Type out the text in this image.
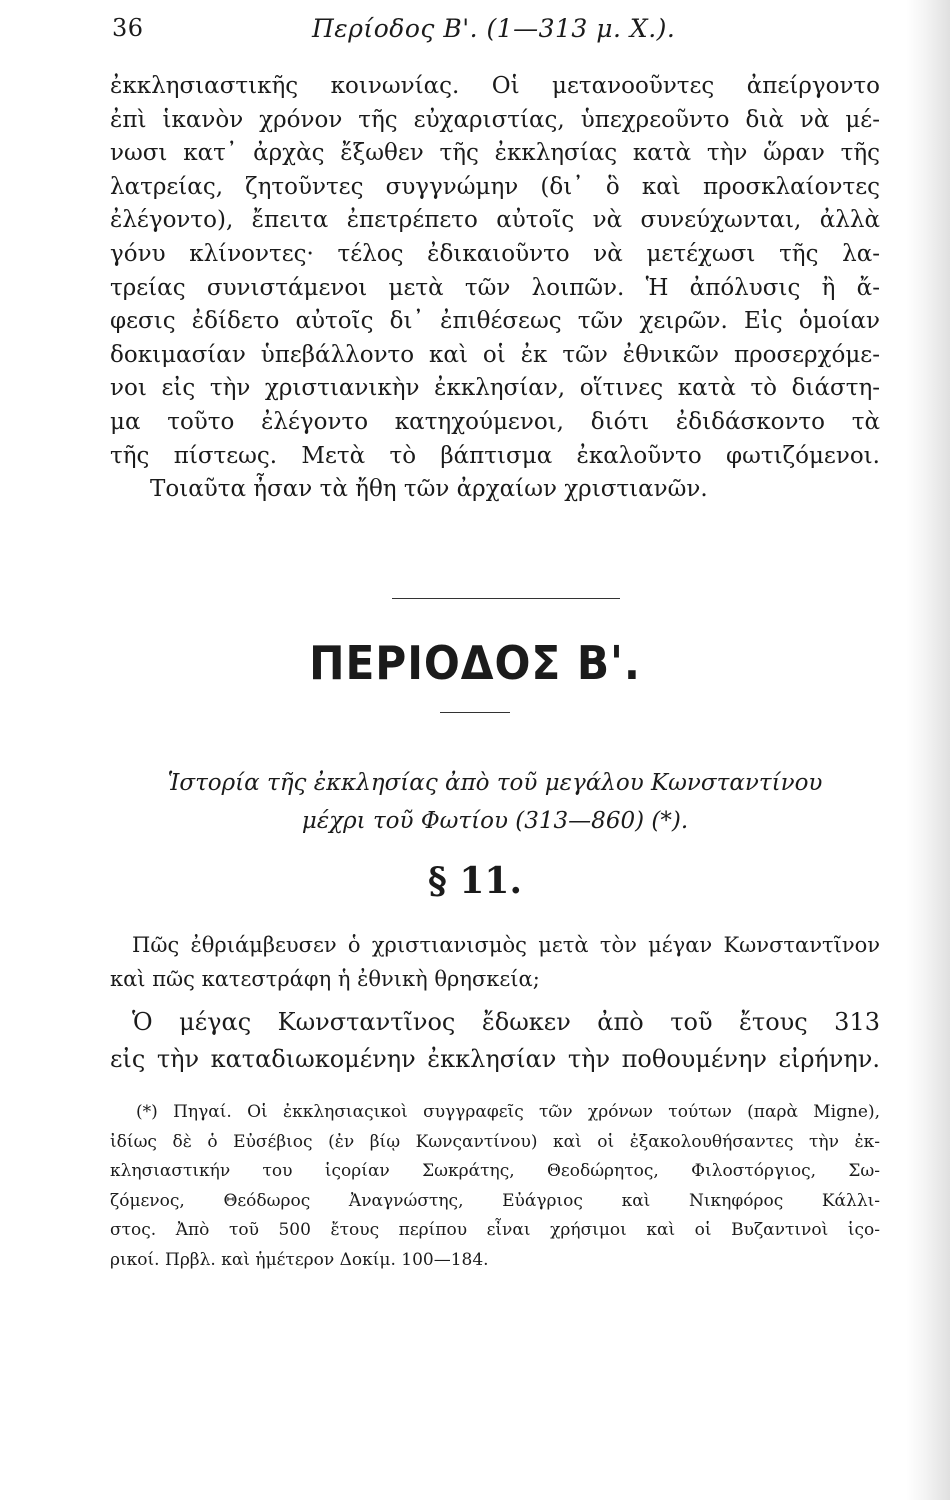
36	Περίοδος Β'. (1—313 μ. Χ.).
ἐκκλησιαστικῆς κοινωνίας. Οἱ μετανοοῦντες ἀπείργοντο
ἐπὶ ἱκανὸν χρόνον τῆς εὐχαριστίας, ὑπεχρεοῦντο διὰ νὰ μέ-
νωσι κατ᾽ ἀρχὰς ἔξωθεν τῆς ἐκκλησίας κατὰ τὴν ὥραν τῆς
λατρείας, ζητοῦντες συγγνώμην (δι᾽ ὃ καὶ προσκλαίοντες
ἐλέγοντο), ἔπειτα ἐπετρέπετο αὐτοῖς νὰ συνεύχωνται, ἀλλὰ
γόνυ κλίνοντες· τέλος ἐδικαιοῦντο νὰ μετέχωσι τῆς λα-
τρείας συνιστάμενοι μετὰ τῶν λοιπῶν. Ἡ ἀπόλυσις ἢ ἄ-
φεσις ἐδίδετο αὐτοῖς δι᾽ ἐπιθέσεως τῶν χειρῶν. Εἰς ὁμοίαν
δοκιμασίαν ὑπεβάλλοντο καὶ οἱ ἐκ τῶν ἐθνικῶν προσερχόμε-
νοι εἰς τὴν χριστιανικὴν ἐκκλησίαν, οἵτινες κατὰ τὸ διάστη-
μα τοῦτο ἐλέγοντο κατηχούμενοι, διότι ἐδιδάσκοντο τὰ
τῆς πίστεως. Μετὰ τὸ βάπτισμα ἐκαλοῦντο φωτιζόμενοι.
Τοιαῦτα ἦσαν τὰ ἤθη τῶν ἀρχαίων χριστιανῶν.
ΠΕΡΙΟΔΟΣ Β'.
Ἱστορία τῆς ἐκκλησίας ἀπὸ τοῦ μεγάλου Κωνσταντίνου
μέχρι τοῦ Φωτίου (313—860) (*).
§ 11.
Πῶς ἐθριάμβευσεν ὁ χριστιανισμὸς μετὰ τὸν μέγαν Κωνσταντῖνον
καὶ πῶς κατεστράφη ἡ ἐθνικὴ θρησκεία;
Ὁ μέγας Κωνσταντῖνος ἔδωκεν ἀπὸ τοῦ ἔτους 313
εἰς τὴν καταδιωκομένην ἐκκλησίαν τὴν ποθουμένην εἰρήνην.
(*) Πηγαί. Οἱ ἐκκλησιαςικοὶ συγγραφεῖς τῶν χρόνων τούτων (παρὰ Migne),
ἰδίως δὲ ὁ Εὐσέβιος (ἐν βίῳ Κωνςαντίνου) καὶ οἱ ἐξακολουθήσαντες τὴν ἐκ-
κλησιαστικήν του ἱςορίαν Σωκράτης, Θεοδώρητος, Φιλοστόργιος, Σω-
ζόμενος, Θεόδωρος Ἀναγνώστης, Εὐάγριος καὶ Νικηφόρος Κάλλι-
στος. Ἀπὸ τοῦ 500 ἔτους περίπου εἶναι χρήσιμοι καὶ οἱ Βυζαντινοὶ ἱςο-
ρικοί. Πρβλ. καὶ ἡμέτερον Δοκίμ. 100—184.
